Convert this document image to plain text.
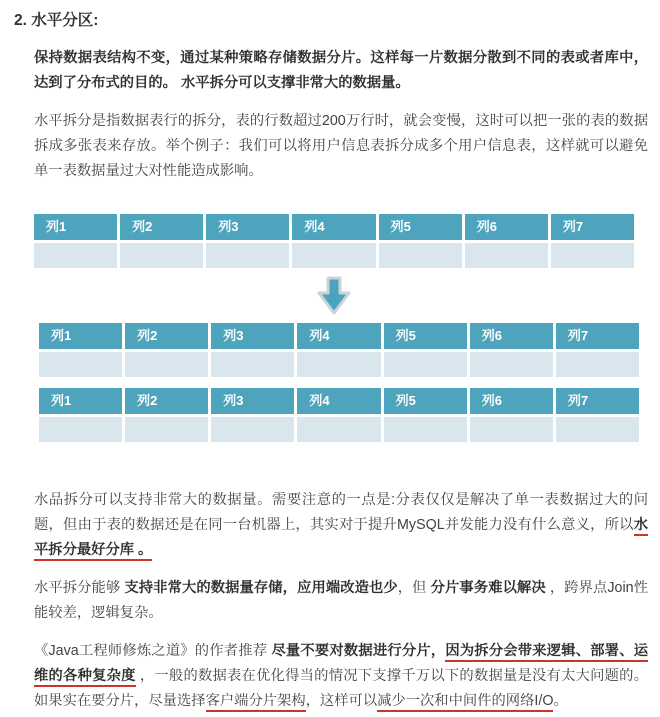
2. 水平分区:

保持数据表结构不变，通过某种策略存储数据分片。这样每一片数据分散到不同的表或者库中，达到了分布式的目的。 水平拆分可以支撑非常大的数据量。

水平拆分是指数据表行的拆分，表的行数超过200万行时，就会变慢，这时可以把一张的表的数据拆成多张表来存放。举个例子：我们可以将用户信息表拆分成多个用户信息表，这样就可以避免单一表数据量过大对性能造成影响。

列1	列2	列3	列4	列5	列6	列7
列1	列2	列3	列4	列5	列6	列7
列1	列2	列3	列4	列5	列6	列7

水品拆分可以支持非常大的数据量。需要注意的一点是:分表仅仅是解决了单一表数据过大的问题，但由于表的数据还是在同一台机器上，其实对于提升MySQL并发能力没有什么意义，所以水平拆分最好分库 。

水平拆分能够 支持非常大的数据量存储，应用端改造也少，但 分片事务难以解决 ，跨界点Join性能较差，逻辑复杂。

《Java工程师修炼之道》的作者推荐 尽量不要对数据进行分片，因为拆分会带来逻辑、部署、运维的各种复杂度 ，一般的数据表在优化得当的情况下支撑千万以下的数据量是没有太大问题的。如果实在要分片，尽量选择客户端分片架构，这样可以减少一次和中间件的网络I/O。
